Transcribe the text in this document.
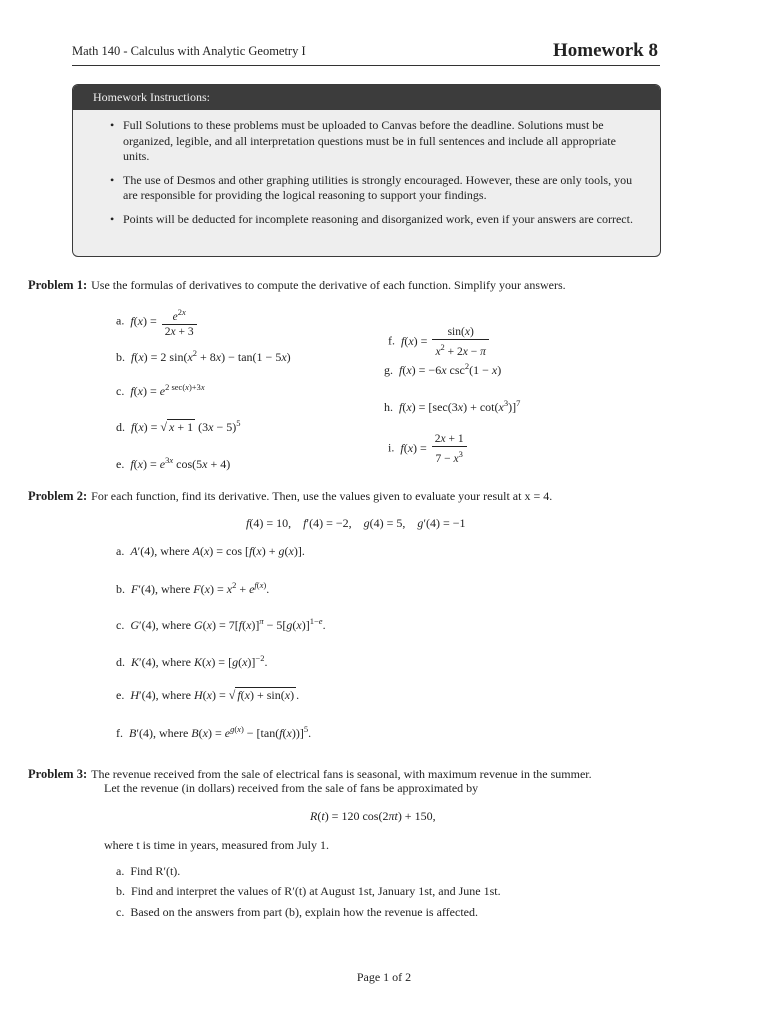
Math 140 - Calculus with Analytic Geometry I	Homework 8
Homework Instructions:
• Full Solutions to these problems must be uploaded to Canvas before the deadline. Solutions must be organized, legible, and all interpretation questions must be in full sentences and include all appropriate units.
• The use of Desmos and other graphing utilities is strongly encouraged. However, these are only tools, you are responsible for providing the logical reasoning to support your findings.
• Points will be deducted for incomplete reasoning and disorganized work, even if your answers are correct.
Problem 1: Use the formulas of derivatives to compute the derivative of each function. Simplify your answers.
a. $f(x) = \frac{e^{2x}}{2x + 3}$
b. f(x) = 2 $\sin(x^2 + 8x) - \tan(1 - 5x)$
c. $f(x) = e^{2 sec(x)+3x}$
d. f(x) = √ x + 1 $(3x - 5)^5$
e. $f(x) = e^{3x}$ cos(5x + 4)
f. $f(x) = \frac{\sin(x)}{x^2 + 2x - \pi}$
g. f(x) = −6x $\csc^2(1 - x)$
h. $f(x) = [\sec(3x) + \cot(x^3)]^7$
i. $f(x) = \frac{2x + 1}{7 - x^3}$
Problem 2: For each function, find its derivative. Then, use the values given to evaluate your result at x = 4.
f(4) = 10,    f′(4) = −2,    g(4) = 5,    g′(4) = −1
a. A′(4), where A(x) = cos [f(x) + g(x)].
b. F′(4), where $F(x) = x^2 + e^{f(x)}$.
c. G′(4), where $G(x) = 7[f(x)]^\pi - 5[g(x)]^{1-e}$.
d. K′(4), where $K(x) = [g(x)]^{-2}$.
e. H′(4), where H(x) = √ f(x) + sin(x) .
f. B′(4), where $B(x) = e^{g(x)} - [\tan(f(x))]^5$.
Problem 3: The revenue received from the sale of electrical fans is seasonal, with maximum revenue in the summer.
Let the revenue (in dollars) received from the sale of fans be approximated by
R(t) = 120 cos(2πt) + 150,
where t is time in years, measured from July 1.
a. Find R′(t).
b. Find and interpret the values of R′(t) at August 1st, January 1st, and June 1st.
c. Based on the answers from part (b), explain how the revenue is affected.
Page 1 of 2
